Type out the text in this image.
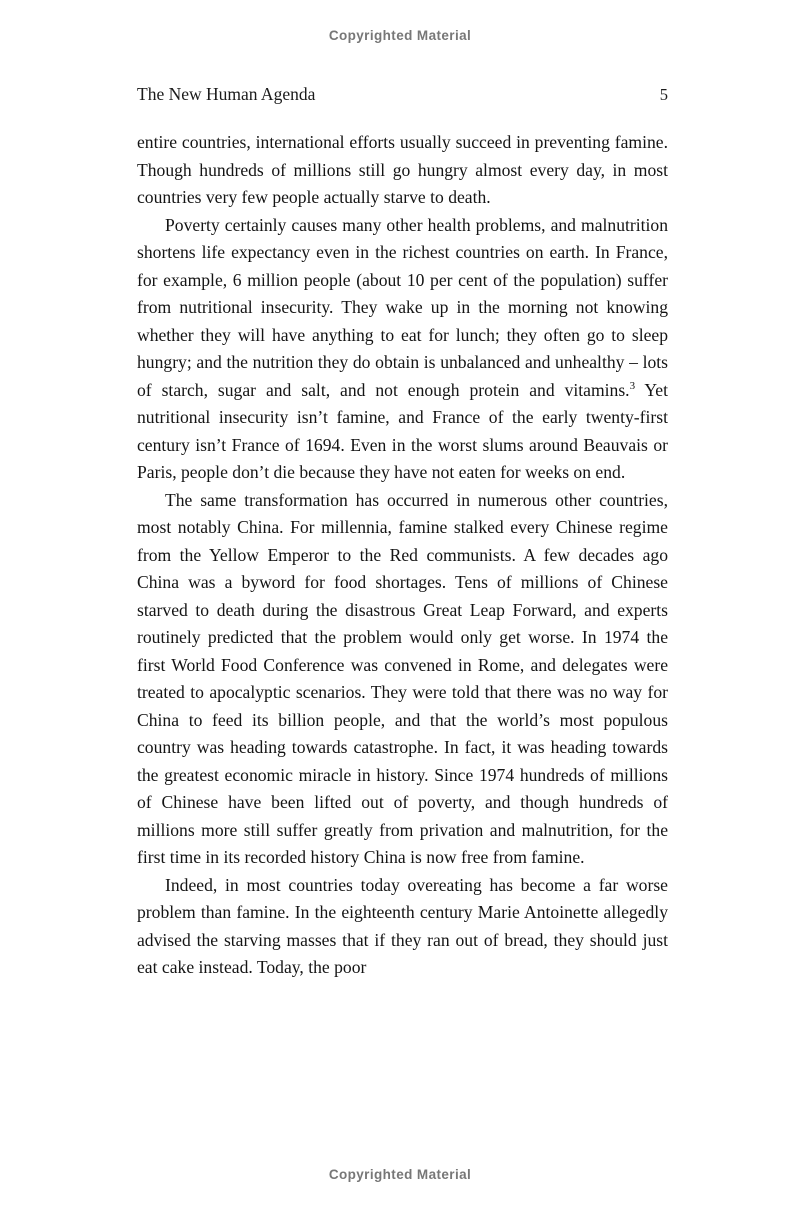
Copyrighted Material
The New Human Agenda	5

entire countries, international efforts usually succeed in preventing famine. Though hundreds of millions still go hungry almost every day, in most countries very few people actually starve to death.

Poverty certainly causes many other health problems, and malnutrition shortens life expectancy even in the richest countries on earth. In France, for example, 6 million people (about 10 per cent of the population) suffer from nutritional insecurity. They wake up in the morning not knowing whether they will have anything to eat for lunch; they often go to sleep hungry; and the nutrition they do obtain is unbalanced and unhealthy – lots of starch, sugar and salt, and not enough protein and vitamins.$^3$ Yet nutritional insecurity isn’t famine, and France of the early twenty-first century isn’t France of 1694. Even in the worst slums around Beauvais or Paris, people don’t die because they have not eaten for weeks on end.

The same transformation has occurred in numerous other countries, most notably China. For millennia, famine stalked every Chinese regime from the Yellow Emperor to the Red communists. A few decades ago China was a byword for food shortages. Tens of millions of Chinese starved to death during the disastrous Great Leap Forward, and experts routinely predicted that the problem would only get worse. In 1974 the first World Food Conference was convened in Rome, and delegates were treated to apocalyptic scenarios. They were told that there was no way for China to feed its billion people, and that the world’s most populous country was heading towards catastrophe. In fact, it was heading towards the greatest economic miracle in history. Since 1974 hundreds of millions of Chinese have been lifted out of poverty, and though hundreds of millions more still suffer greatly from privation and malnutrition, for the first time in its recorded history China is now free from famine.

Indeed, in most countries today overeating has become a far worse problem than famine. In the eighteenth century Marie Antoinette allegedly advised the starving masses that if they ran out of bread, they should just eat cake instead. Today, the poor

Copyrighted Material
